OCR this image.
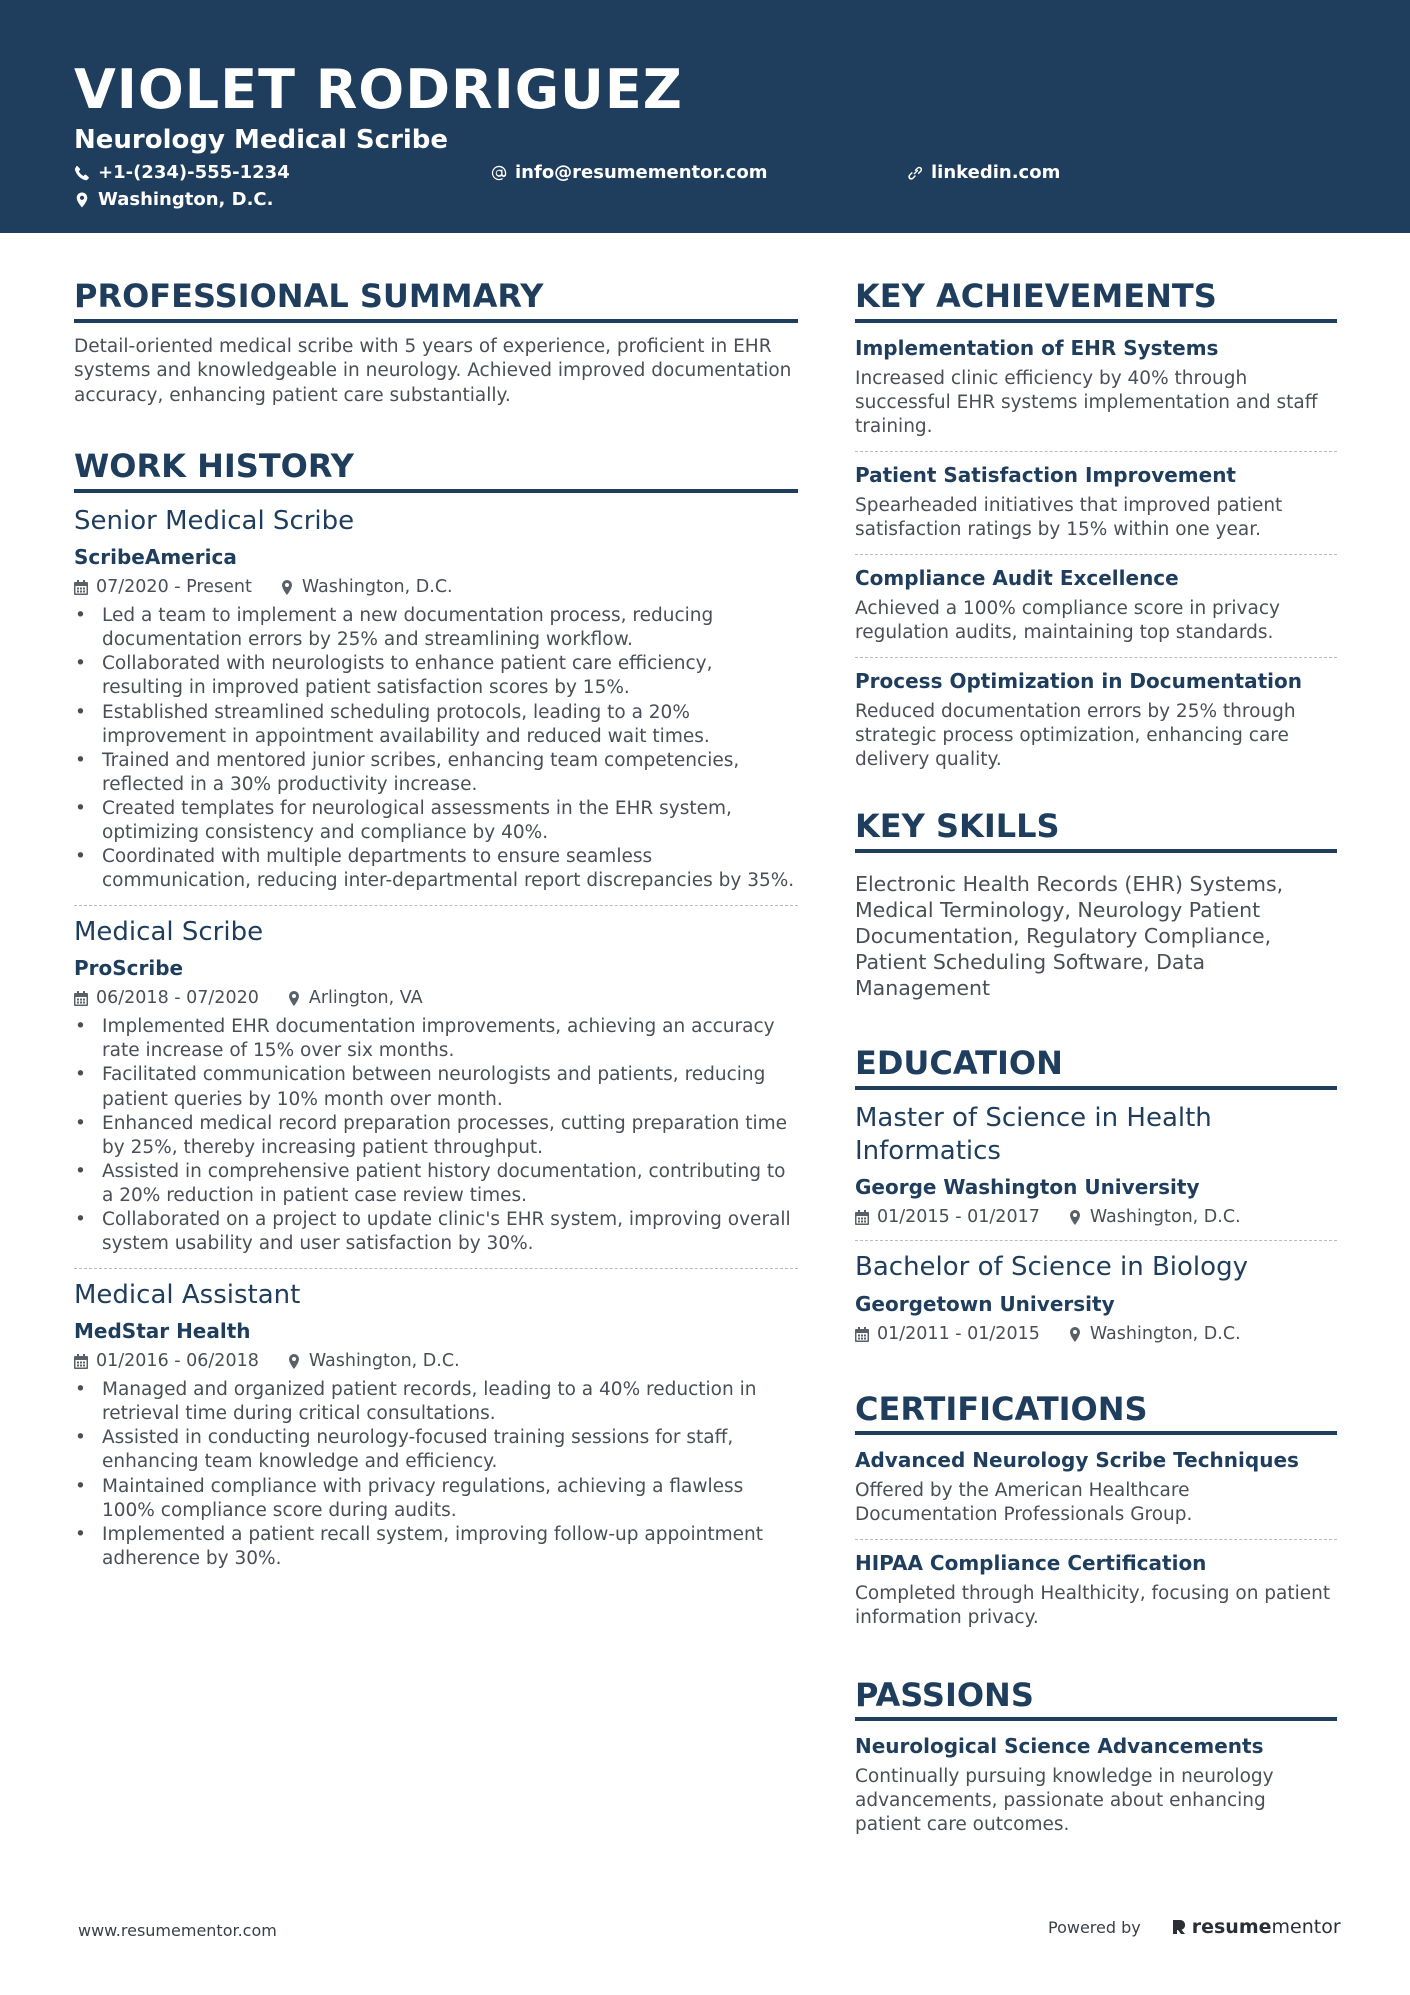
VIOLET RODRIGUEZ
Neurology Medical Scribe
+1-(234)-555-1234	info@resumementor.com	linkedin.com
Washington, D.C.
PROFESSIONAL SUMMARY

Detail-oriented medical scribe with 5 years of experience, proficient in EHR systems and knowledgeable in neurology. Achieved improved documentation accuracy, enhancing patient care substantially.

WORK HISTORY
Senior Medical Scribe
ScribeAmerica
07/2020 - Present	Washington, D.C.
• Led a team to implement a new documentation process, reducing documentation errors by 25% and streamlining workflow.
• Collaborated with neurologists to enhance patient care efficiency, resulting in improved patient satisfaction scores by 15%.
• Established streamlined scheduling protocols, leading to a 20% improvement in appointment availability and reduced wait times.
• Trained and mentored junior scribes, enhancing team competencies, reflected in a 30% productivity increase.
• Created templates for neurological assessments in the EHR system, optimizing consistency and compliance by 40%.
• Coordinated with multiple departments to ensure seamless communication, reducing inter-departmental report discrepancies by 35%.
Medical Scribe
ProScribe
06/2018 - 07/2020	Arlington, VA
• Implemented EHR documentation improvements, achieving an accuracy rate increase of 15% over six months.
• Facilitated communication between neurologists and patients, reducing patient queries by 10% month over month.
• Enhanced medical record preparation processes, cutting preparation time by 25%, thereby increasing patient throughput.
• Assisted in comprehensive patient history documentation, contributing to a 20% reduction in patient case review times.
• Collaborated on a project to update clinic's EHR system, improving overall system usability and user satisfaction by 30%.
Medical Assistant
MedStar Health
01/2016 - 06/2018	Washington, D.C.
• Managed and organized patient records, leading to a 40% reduction in retrieval time during critical consultations.
• Assisted in conducting neurology-focused training sessions for staff, enhancing team knowledge and efficiency.
• Maintained compliance with privacy regulations, achieving a flawless 100% compliance score during audits.
• Implemented a patient recall system, improving follow-up appointment adherence by 30%.
KEY ACHIEVEMENTS
Implementation of EHR Systems
Increased clinic efficiency by 40% through successful EHR systems implementation and staff training.
Patient Satisfaction Improvement
Spearheaded initiatives that improved patient satisfaction ratings by 15% within one year.
Compliance Audit Excellence
Achieved a 100% compliance score in privacy regulation audits, maintaining top standards.
Process Optimization in Documentation
Reduced documentation errors by 25% through strategic process optimization, enhancing care delivery quality.
KEY SKILLS

Electronic Health Records (EHR) Systems, Medical Terminology, Neurology Patient Documentation, Regulatory Compliance, Patient Scheduling Software, Data Management

EDUCATION
Master of Science in Health Informatics
George Washington University
01/2015 - 01/2017	Washington, D.C.
Bachelor of Science in Biology
Georgetown University
01/2011 - 01/2015	Washington, D.C.
CERTIFICATIONS
Advanced Neurology Scribe Techniques
Offered by the American Healthcare Documentation Professionals Group.
HIPAA Compliance Certification
Completed through Healthicity, focusing on patient information privacy.
PASSIONS
Neurological Science Advancements
Continually pursuing knowledge in neurology advancements, passionate about enhancing patient care outcomes.
www.resumementor.com	Powered by	resume mentor
